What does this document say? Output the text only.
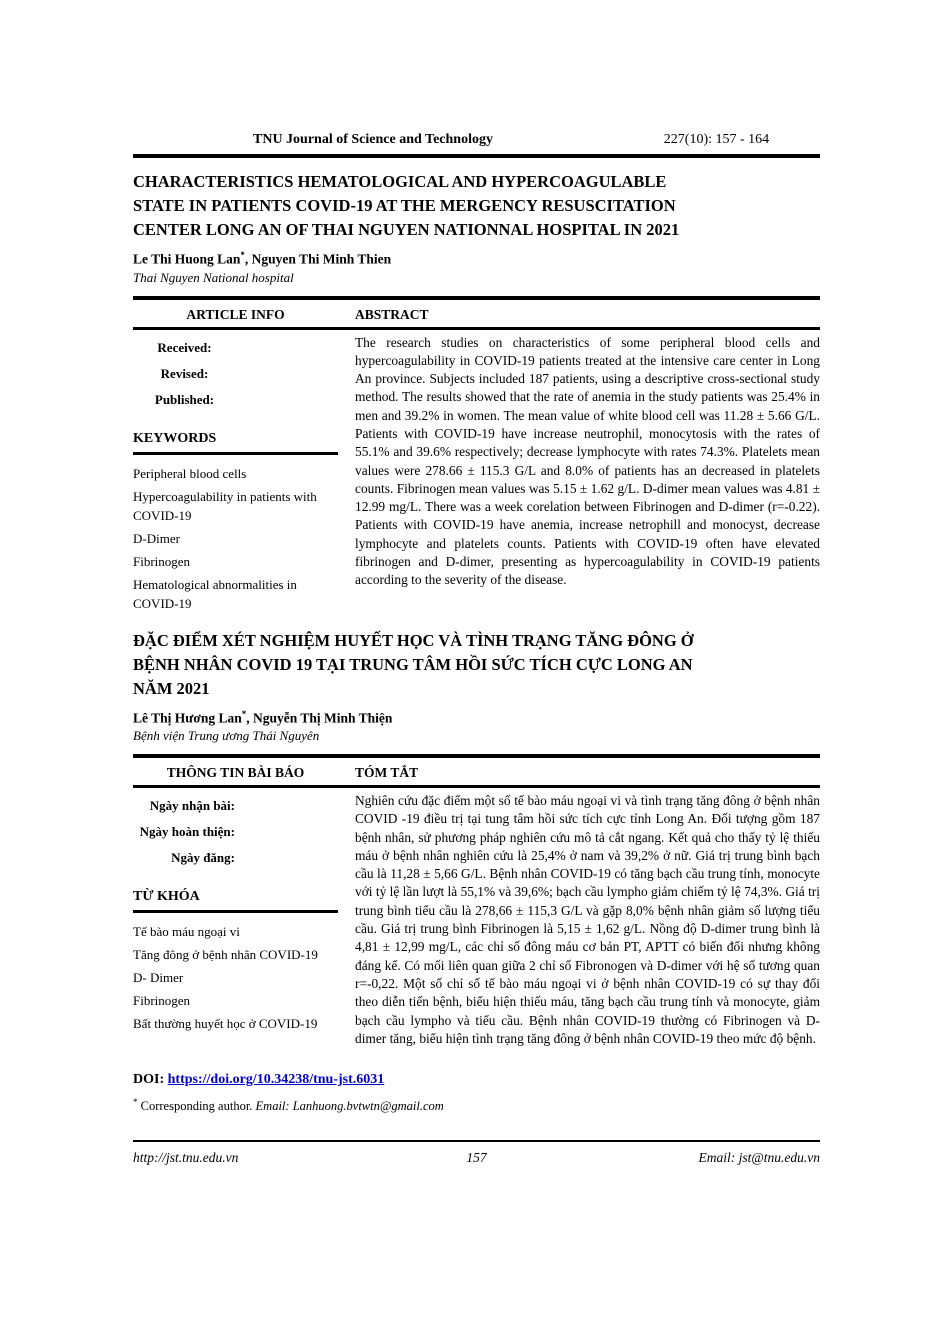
TNU Journal of Science and Technology	227(10): 157 - 164
CHARACTERISTICS HEMATOLOGICAL AND HYPERCOAGULABLE
STATE IN PATIENTS COVID-19 AT THE MERGENCY RESUSCITATION
CENTER LONG AN OF THAI NGUYEN NATIONNAL HOSPITAL IN 2021
Le Thi Huong Lan*, Nguyen Thi Minh Thien
Thai Nguyen National hospital
ARTICLE INFO	ABSTRACT
Received:
Revised:
Published:
KEYWORDS
Peripheral blood cells
Hypercoagulability in patients with COVID-19
D-Dimer
Fibrinogen
Hematological abnormalities in COVID-19
The research studies on characteristics of some peripheral blood cells and hypercoagulability in COVID-19 patients treated at the intensive care center in Long An province. Subjects included 187 patients, using a descriptive cross-sectional study method. The results showed that the rate of anemia in the study patients was 25.4% in men and 39.2% in women. The mean value of white blood cell was 11.28 ± 5.66 G/L. Patients with COVID-19 have increase neutrophil, monocytosis with the rates of 55.1% and 39.6% respectively; decrease lymphocyte with rates 74.3%. Platelets mean values were 278.66 ± 115.3 G/L and 8.0% of patients has an decreased in platelets counts. Fibrinogen mean values was 5.15 ± 1.62 g/L. D-dimer mean values was 4.81 ± 12.99 mg/L. There was a week corelation between Fibrinogen and D-dimer (r=-0.22). Patients with COVID-19 have anemia, increase netrophill and monocyst, decrease lymphocyte and platelets counts. Patients with COVID-19 often have elevated fibrinogen and D-dimer, presenting as hypercoagulability in COVID-19 patients according to the severity of the disease.
ĐẶC ĐIỂM XÉT NGHIỆM HUYẾT HỌC VÀ TÌNH TRẠNG TĂNG ĐÔNG Ở
BỆNH NHÂN COVID 19 TẠI TRUNG TÂM HỒI SỨC TÍCH CỰC LONG AN
NĂM 2021
Lê Thị Hương Lan*, Nguyễn Thị Minh Thiện
Bệnh viện Trung ương Thái Nguyên
THÔNG TIN BÀI BÁO	TÓM TẮT
Ngày nhận bài:
Ngày hoàn thiện:
Ngày đăng:
TỪ KHÓA
Tế bào máu ngoại vi
Tăng đông ở bệnh nhân COVID-19
D- Dimer
Fibrinogen
Bất thường huyết học ở COVID-19
Nghiên cứu đặc điểm một số tế bào máu ngoại vi và tình trạng tăng đông ở bệnh nhân COVID -19 điều trị tại tung tâm hồi sức tích cực tỉnh Long An. Đối tượng gồm 187 bệnh nhân, sử phương pháp nghiên cứu mô tả cắt ngang. Kết quả cho thấy tỷ lệ thiếu máu ở bệnh nhân nghiên cứu là 25,4% ở nam và 39,2% ở nữ. Giá trị trung bình bạch cầu là 11,28 ± 5,66 G/L. Bệnh nhân COVID-19 có tăng bạch cầu trung tính, monocyte với tỷ lệ lần lượt là 55,1% và 39,6%; bạch cầu lympho giảm chiếm tỷ lệ 74,3%. Giá trị trung bình tiểu cầu là 278,66 ± 115,3 G/L và gặp 8,0% bệnh nhân giảm số lượng tiểu cầu. Giá trị trung bình Fibrinogen là 5,15 ± 1,62 g/L. Nồng độ D-dimer trung bình là 4,81 ± 12,99 mg/L, các chỉ số đông máu cơ bản PT, APTT có biến đổi nhưng không đáng kể. Có mối liên quan giữa 2 chỉ số Fibronogen và D-dimer với hệ số tương quan r=-0,22. Một số chỉ số tế bào máu ngoại vi ở bệnh nhân COVID-19 có sự thay đổi theo diễn tiến bệnh, biểu hiện thiếu máu, tăng bạch cầu trung tính và monocyte, giảm bạch cầu lympho và tiểu cầu. Bệnh nhân COVID-19 thường có Fibrinogen và D-dimer tăng, biểu hiện tình trạng tăng đông ở bệnh nhân COVID-19 theo mức độ bệnh.
DOI: https://doi.org/10.34238/tnu-jst.6031
* Corresponding author. Email: Lanhuong.bvtwtn@gmail.com
http://jst.tnu.edu.vn	157	Email: jst@tnu.edu.vn
